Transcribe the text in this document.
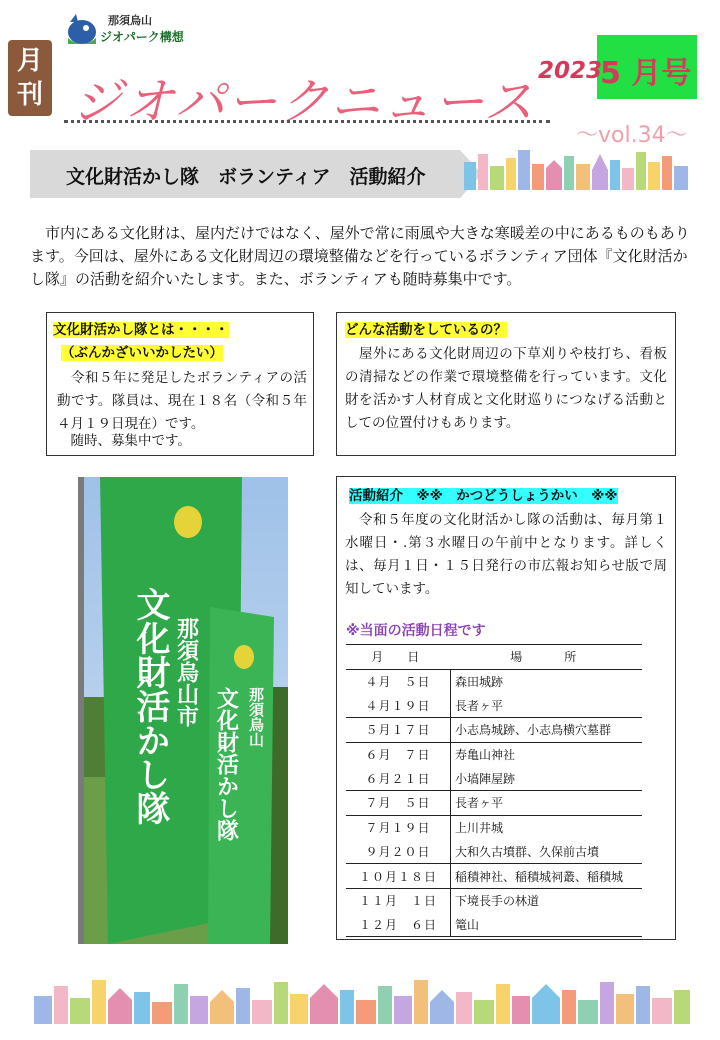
月
刊
那須烏山
ジオパーク構想
ジオパークニュース
2023
5 月号
～vol.34～
文化財活かし隊　ボランティア　活動紹介

　市内にある文化財は、屋内だけではなく、屋外で常に雨風や大きな寒暖差の中にあるものもあります。今回は、屋外にある文化財周辺の環境整備などを行っているボランティア団体『文化財活かし隊』の活動を紹介いたします。また、ボランティアも随時募集中です。

文化財活かし隊とは・・・・
（ぶんかざいいかしたい）
　令和５年に発足したボランティアの活動です。隊員は、現在１８名（令和５年４月１９日現在）です。
　随時、募集中です。
どんな活動をしているの？
　屋外にある文化財周辺の下草刈りや枝打ち、看板の清掃などの作業で環境整備を行っています。文化財を活かす人材育成と文化財巡りにつなげる活動としての位置付けもあります。
文化財活かし隊 那須烏山市
文化財活かし隊 那須烏山
活動紹介　※※　かつどうしょうかい　※※
　令和５年度の文化財活かし隊の活動は、毎月第１水曜日・.第３水曜日の午前中となります。詳しくは、毎月１日・１５日発行の市広報お知らせ版で周知しています。
※当面の活動日程です
月　日	場　　所
４月　５日	森田城跡
４月１９日	長者ヶ平
５月１７日	小志鳥城跡、小志鳥横穴墓群
６月　７日	寿亀山神社
６月２１日	小塙陣屋跡
７月　５日	長者ヶ平
７月１９日	上川井城
９月２０日	大和久古墳群、久保前古墳
１０月１８日	稲積神社、稲積城祠叢、稲積城
１１月　１日	下境長手の林道
１２月　６日	篭山
